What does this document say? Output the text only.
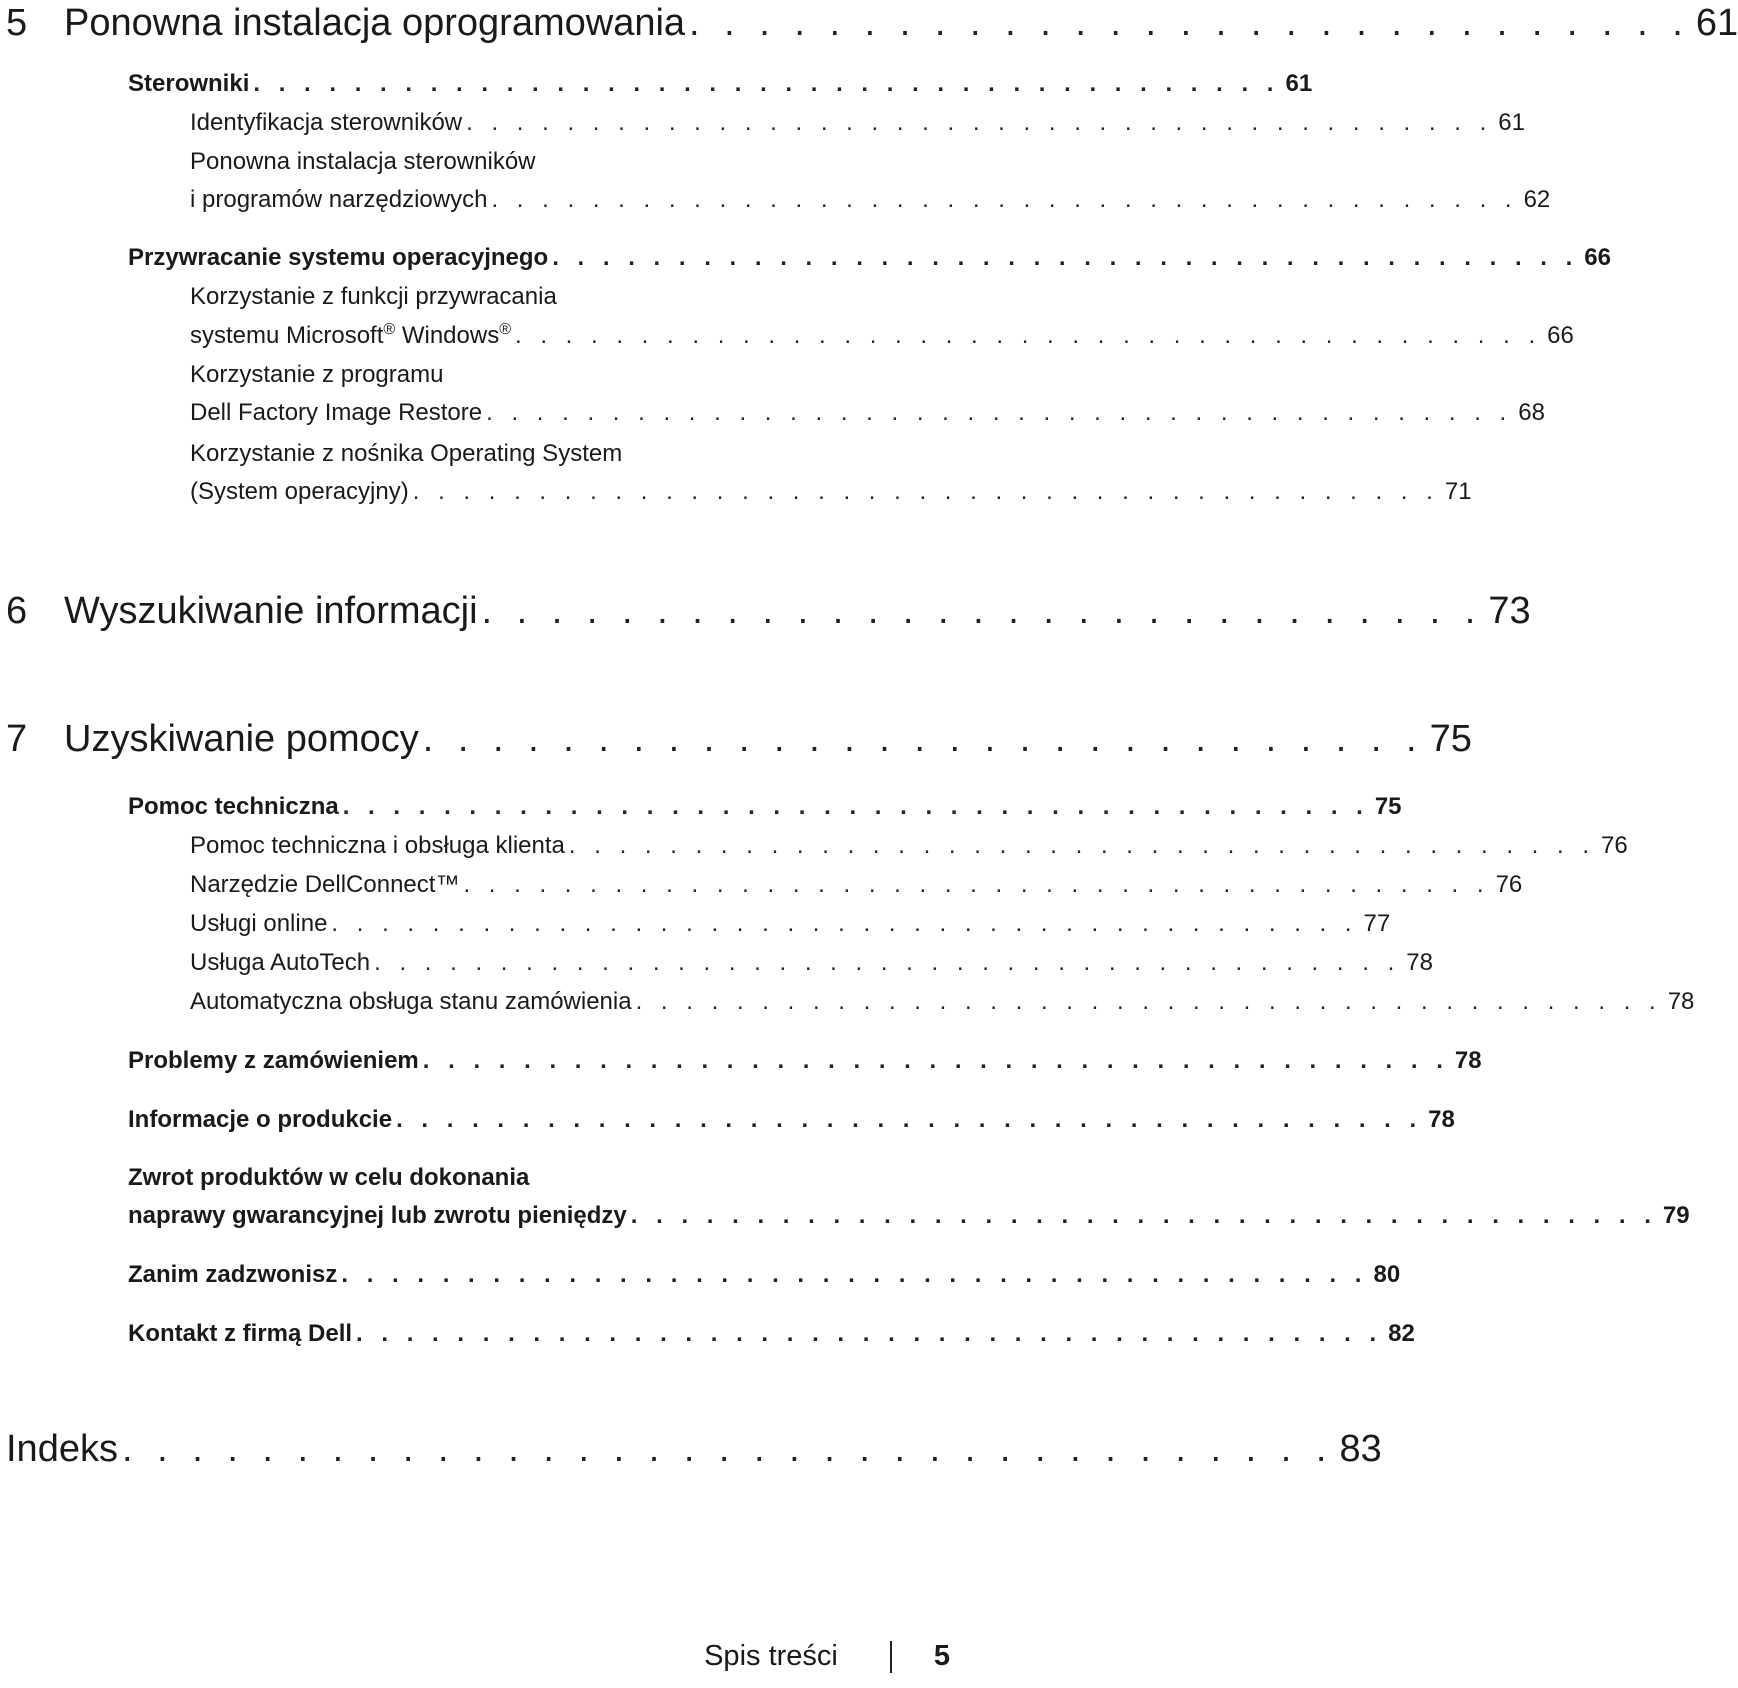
5 Ponowna instalacja oprogramowania . . . . . . . . . . . . . . . . . . . . . . . . . . . . . 61
Sterowniki . . . . . . . . . . . . . . . . . . . . . . . . . . . . . . . . . . . . . . . . . 61
Identyfikacja sterowników . . . . . . . . . . . . . . . . . . . . . . . . . . . . . . . . . . . . . . . . . 61
Ponowna instalacja sterowników
i programów narzędziowych . . . . . . . . . . . . . . . . . . . . . . . . . . . . . . . . . . . . . . . . . 62
Przywracanie systemu operacyjnego . . . . . . . . . . . . . . . . . . . . . . . . . . . . . . . . . . . . . . . . . 66
Korzystanie z funkcji przywracania
systemu Microsoft® Windows® . . . . . . . . . . . . . . . . . . . . . . . . . . . . . . . . . . . . . . . . . 66
Korzystanie z programu
Dell Factory Image Restore . . . . . . . . . . . . . . . . . . . . . . . . . . . . . . . . . . . . . . . . . 68
Korzystanie z nośnika Operating System
(System operacyjny) . . . . . . . . . . . . . . . . . . . . . . . . . . . . . . . . . . . . . . . . . 71
6 Wyszukiwanie informacji . . . . . . . . . . . . . . . . . . . . . . . . . . . . . 73
7 Uzyskiwanie pomocy . . . . . . . . . . . . . . . . . . . . . . . . . . . . . 75
Pomoc techniczna . . . . . . . . . . . . . . . . . . . . . . . . . . . . . . . . . . . . . . . . . 75
Pomoc techniczna i obsługa klienta . . . . . . . . . . . . . . . . . . . . . . . . . . . . . . . . . . . . . . . . . 76
Narzędzie DellConnect™ . . . . . . . . . . . . . . . . . . . . . . . . . . . . . . . . . . . . . . . . . 76
Usługi online . . . . . . . . . . . . . . . . . . . . . . . . . . . . . . . . . . . . . . . . . 77
Usługa AutoTech . . . . . . . . . . . . . . . . . . . . . . . . . . . . . . . . . . . . . . . . . 78
Automatyczna obsługa stanu zamówienia . . . . . . . . . . . . . . . . . . . . . . . . . . . . . . . . . . . . . . . . . 78
Problemy z zamówieniem . . . . . . . . . . . . . . . . . . . . . . . . . . . . . . . . . . . . . . . . . 78
Informacje o produkcie . . . . . . . . . . . . . . . . . . . . . . . . . . . . . . . . . . . . . . . . . 78
Zwrot produktów w celu dokonania
naprawy gwarancyjnej lub zwrotu pieniędzy . . . . . . . . . . . . . . . . . . . . . . . . . . . . . . . . . . . . . . . . . 79
Zanim zadzwonisz . . . . . . . . . . . . . . . . . . . . . . . . . . . . . . . . . . . . . . . . . 80
Kontakt z firmą Dell . . . . . . . . . . . . . . . . . . . . . . . . . . . . . . . . . . . . . . . . . 82
Indeks . . . . . . . . . . . . . . . . . . . . . . . . . . . . . . . . . . . 83
Spis treści	5
